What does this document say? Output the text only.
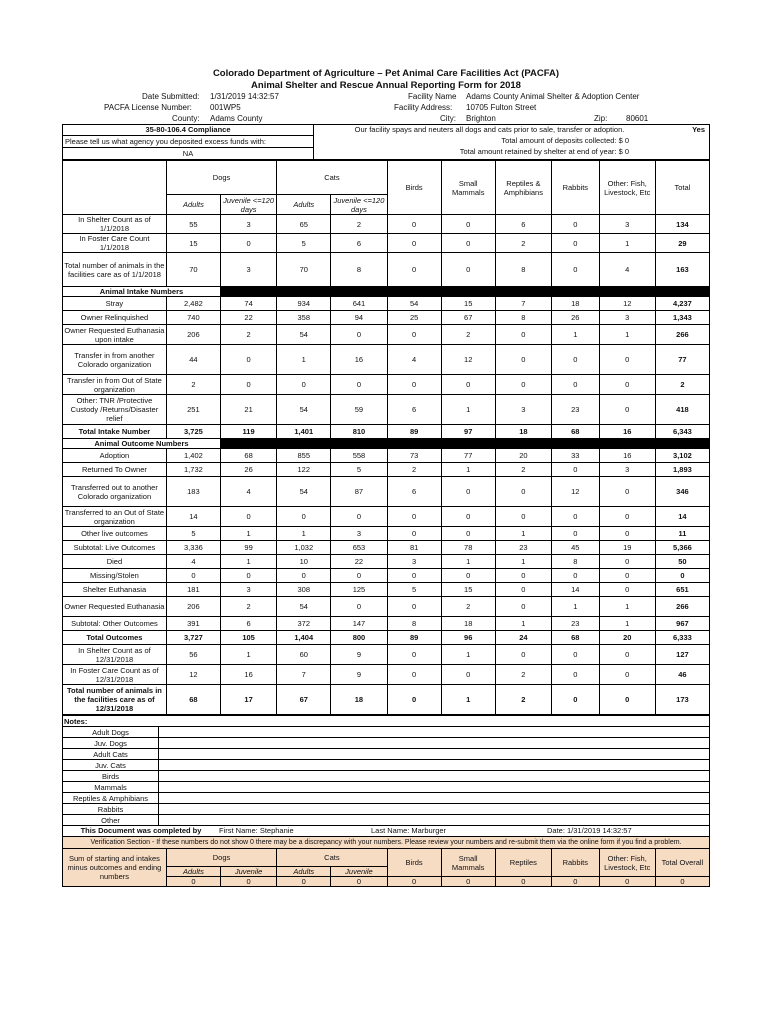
Colorado Department of Agriculture – Pet Animal Care Facilities Act (PACFA)
Animal Shelter and Rescue Annual Reporting Form for 2018
Date Submitted: 1/31/2019 14:32:57
PACFA License Number: 001WP5
County: Adams County
Facility Name Adams County Animal Shelter & Adoption Center
Facility Address: 10705 Fulton Street
City: Brighton	Zip: 80601
35-80-106.4 Compliance
Please tell us what agency you deposited excess funds with:
NA
Our facility spays and neuters all dogs and cats prior to sale, transfer or adoption.	Yes
Total amount of deposits collected: $ 0
Total amount retained by shelter at end of year: $ 0
	Dogs		Cats		Birds	Small Mammals	Reptiles & Amphibians	Rabbits	Other: Fish, Livestock, Etc	Total
	Adults	Juvenile <=120 days	Adults	Juvenile <=120 days						
In Shelter Count as of 1/1/2018	55	3	65	2	0	0	6	0	3	134
In Foster Care Count 1/1/2018	15	0	5	6	0	0	2	0	1	29
Total number of animals in the facilities care as of 1/1/2018	70	3	70	8	0	0	8	0	4	163
Animal Intake Numbers										
Stray	2,482	74	934	641	54	15	7	18	12	4,237
Owner Relinquished	740	22	358	94	25	67	8	26	3	1,343
Owner Requested Euthanasia upon intake	206	2	54	0	0	2	0	1	1	266
Transfer in from another Colorado organization	44	0	1	16	4	12	0	0	0	77
Transfer in from Out of State organization	2	0	0	0	0	0	0	0	0	2
Other: TNR /Protective Custody /Returns/Disaster relief	251	21	54	59	6	1	3	23	0	418
Total Intake Number	3,725	119	1,401	810	89	97	18	68	16	6,343
Animal Outcome Numbers										
Adoption	1,402	68	855	558	73	77	20	33	16	3,102
Returned To Owner	1,732	26	122	5	2	1	2	0	3	1,893
Transferred out to another Colorado organization	183	4	54	87	6	0	0	12	0	346
Transferred to an Out of State organization	14	0	0	0	0	0	0	0	0	14
Other live outcomes	5	1	1	3	0	0	1	0	0	11
Subtotal: Live Outcomes	3,336	99	1,032	653	81	78	23	45	19	5,366
Died	4	1	10	22	3	1	1	8	0	50
Missing/Stolen	0	0	0	0	0	0	0	0	0	0
Shelter Euthanasia	181	3	308	125	5	15	0	14	0	651
Owner Requested Euthanasia	206	2	54	0	0	2	0	1	1	266
Subtotal: Other Outcomes	391	6	372	147	8	18	1	23	1	967
Total Outcomes	3,727	105	1,404	800	89	96	24	68	20	6,333
In Shelter Count as of 12/31/2018	56	1	60	9	0	1	0	0	0	127
In Foster Care Count as of 12/31/2018	12	16	7	9	0	0	2	0	0	46
Total number of animals in the facilities care as of 12/31/2018	68	17	67	18	0	1	2	0	0	173
Notes:	
Adult Dogs	
Juv. Dogs	
Adult Cats	
Juv. Cats	
Birds	
Mammals	
Reptiles & Amphibians	
Rabbits	
Other	
This Document was completed by	First Name: Stephanie	Last Name: Marburger	Date: 1/31/2019 14:32:57
Verification Section - If these numbers do not show 0 there may be a discrepancy with your numbers. Please review your numbers and re-submit them via the online form if you find a problem.										
Sum of starting and intakes minus outcomes and ending numbers	Dogs		Cats		Birds	Small Mammals	Reptiles	Rabbits	Other: Fish, Livestock, Etc	Total Overall
	Adults	Juvenile	Adults	Juvenile						
	0	0	0	0	0	0	0	0	0	0
